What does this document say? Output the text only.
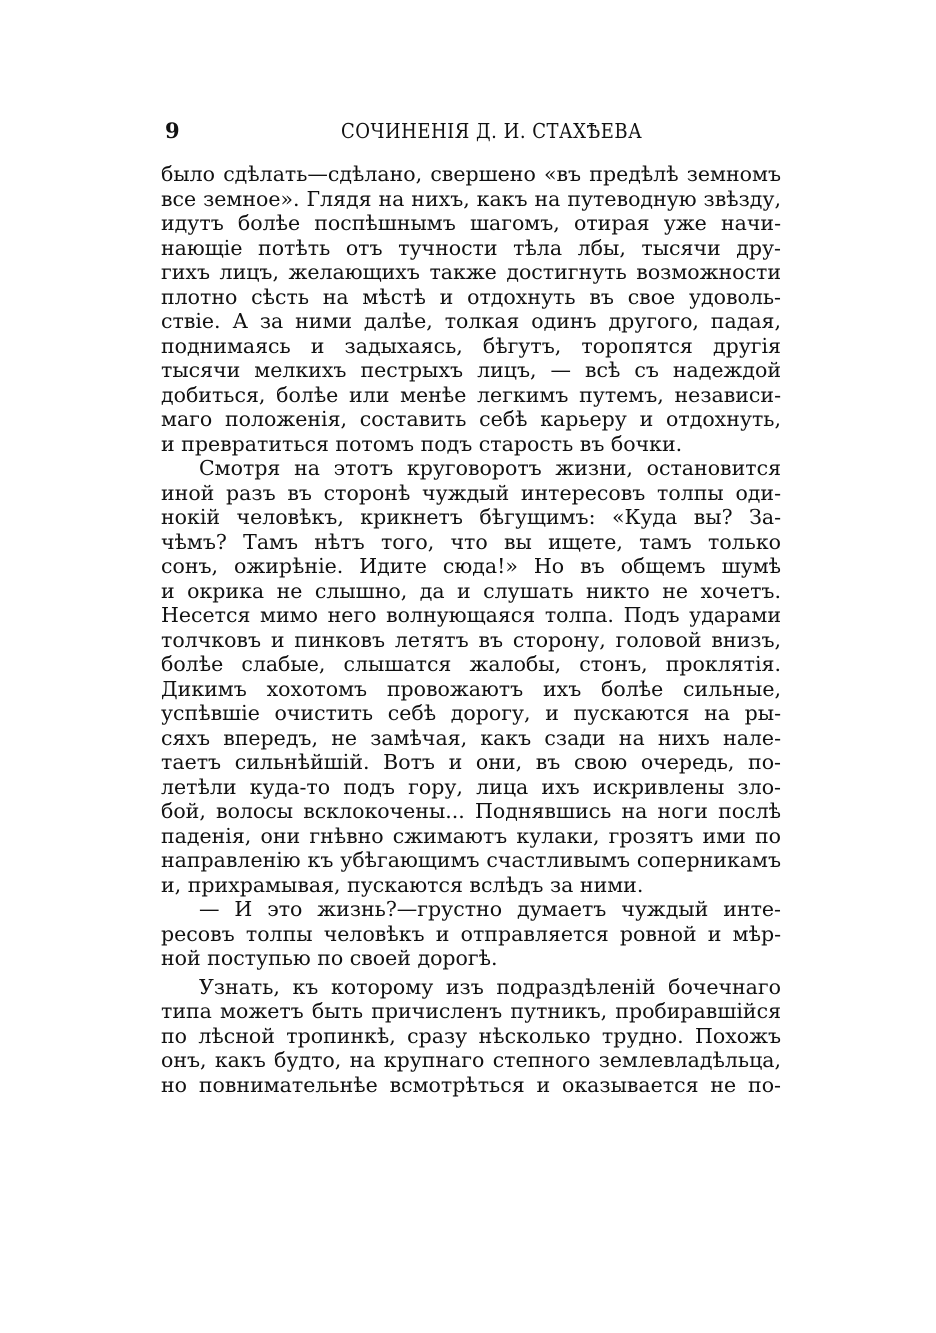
9	СОЧИНЕНIЯ Д. И. СТАХѢЕВА
было сдѣлать—сдѣлано, свершено «въ предѣлѣ земномъ
все земное». Глядя на нихъ, какъ на путеводную звѣзду,
идутъ болѣе поспѣшнымъ шагомъ, отирая уже начи-
нающiе потѣть отъ тучности тѣла лбы, тысячи дру-
гихъ лицъ, желающихъ также достигнуть возможности
плотно сѣсть на мѣстѣ и отдохнуть въ свое удоволь-
ствiе. А за ними далѣе, толкая одинъ другого, падая,
поднимаясь и задыхаясь, бѣгутъ, торопятся другiя
тысячи мелкихъ пестрыхъ лицъ, — всѣ съ надеждой
добиться, болѣе или менѣе легкимъ путемъ, независи-
маго положенiя, составить себѣ карьеру и отдохнуть,
и превратиться потомъ подъ старость въ бочки.
Смотря на этотъ круговоротъ жизни, остановится
иной разъ въ сторонѣ чуждый интересовъ толпы оди-
нокiй человѣкъ, крикнетъ бѣгущимъ: «Куда вы? За-
чѣмъ? Тамъ нѣтъ того, что вы ищете, тамъ только
сонъ, ожирѣнiе. Идите сюда!» Но въ общемъ шумѣ
и окрика не слышно, да и слушать никто не хочетъ.
Несется мимо него волнующаяся толпа. Подъ ударами
толчковъ и пинковъ летятъ въ сторону, головой внизъ,
болѣе слабые, слышатся жалобы, стонъ, проклятiя.
Дикимъ хохотомъ провожаютъ ихъ болѣе сильные,
успѣвшiе очистить себѣ дорогу, и пускаются на ры-
сяхъ впередъ, не замѣчая, какъ сзади на нихъ нале-
таетъ сильнѣйшiй. Вотъ и они, въ свою очередь, по-
летѣли куда-то подъ гору, лица ихъ искривлены зло-
бой, волосы всклокочены... Поднявшись на ноги послѣ
паденiя, они гнѣвно сжимаютъ кулаки, грозятъ ими по
направленiю къ убѣгающимъ счастливымъ соперникамъ
и, прихрамывая, пускаются вслѣдъ за ними.
— И это жизнь?—грустно думаетъ чуждый инте-
ресовъ толпы человѣкъ и отправляется ровной и мѣр-
ной поступью по своей дорогѣ.
Узнать, къ которому изъ подраздѣленiй бочечнаго
типа можетъ быть причисленъ путникъ, пробиравшiйся
по лѣсной тропинкѣ, сразу нѣсколько трудно. Похожъ
онъ, какъ будто, на крупнаго степного землевладѣльца,
но повнимательнѣе всмотрѣться и оказывается не по-
